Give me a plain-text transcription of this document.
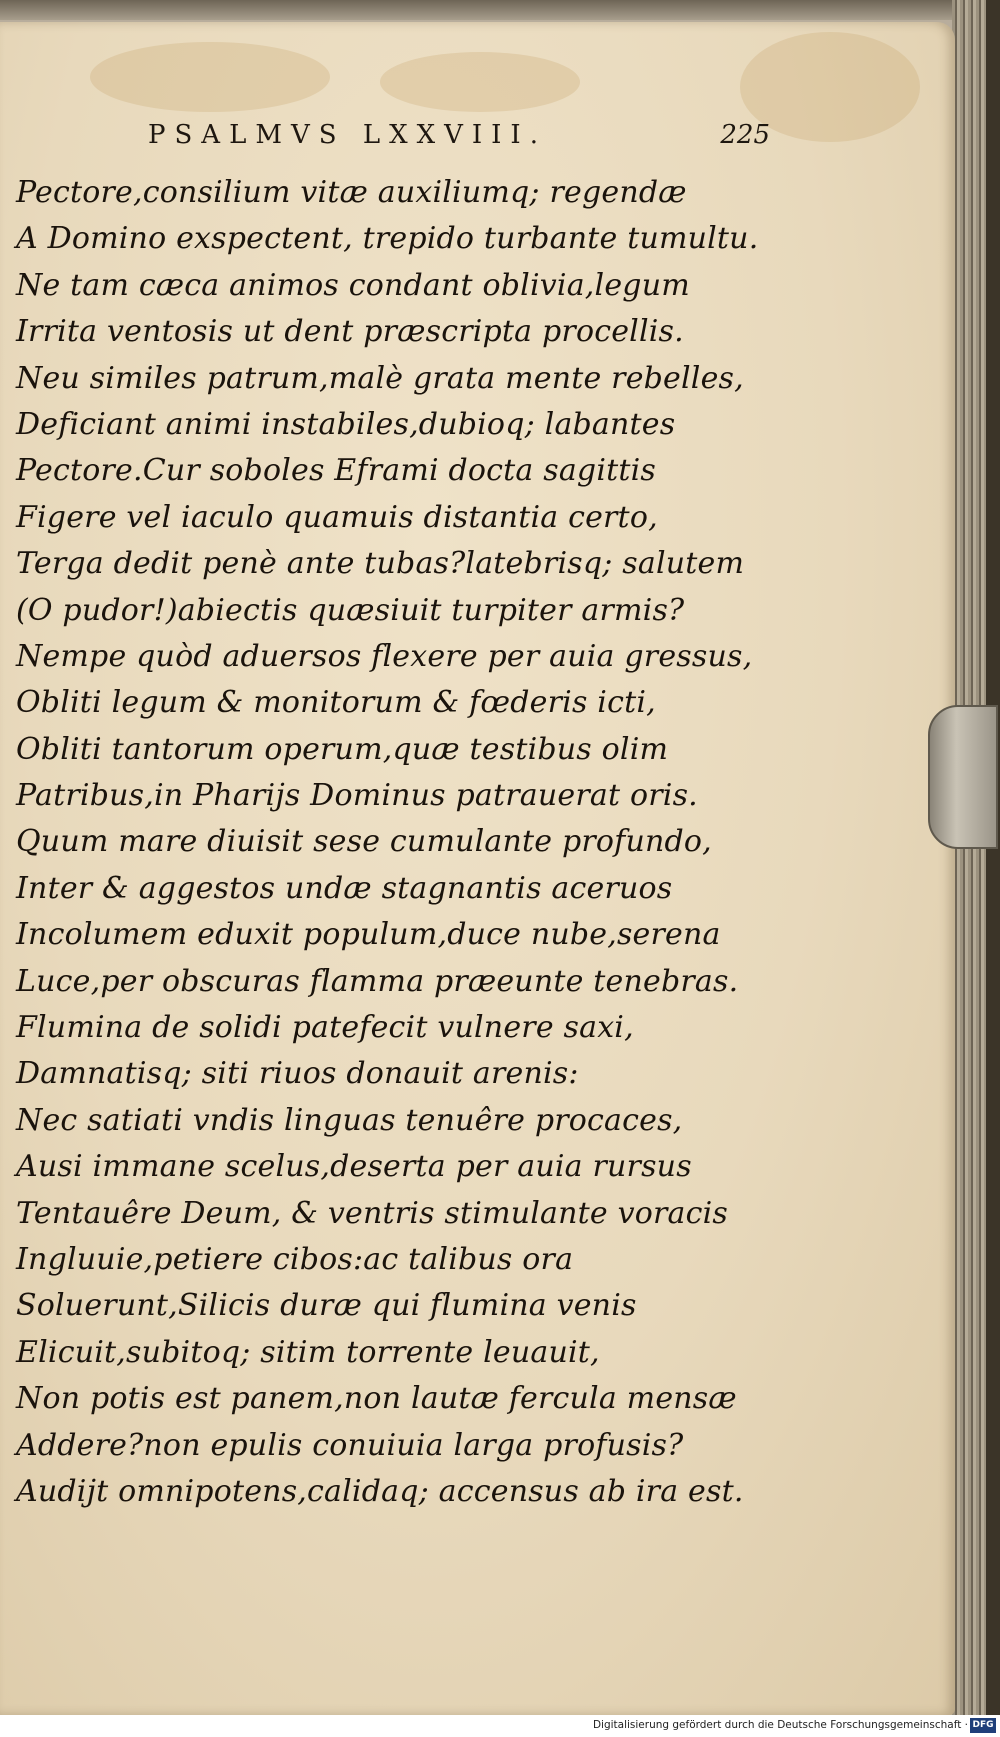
PSALMVS LXXVIII.	225
Pectore,consilium vitæ auxiliumq; regendæ
A Domino exspectent, trepido turbante tumultu.
Ne tam cæca animos condant oblivia,legum
Irrita ventosis ut dent præscripta procellis.
Neu similes patrum,malè grata mente rebelles,
Deficiant animi instabiles,dubioq; labantes
Pectore.Cur soboles Eframi docta sagittis
Figere vel iaculo quamuis distantia certo,
Terga dedit penè ante tubas?latebrisq; salutem
(O pudor!)abiectis quæsiuit turpiter armis?
Nempe quòd aduersos flexere per auia gressus,
Obliti legum & monitorum & fœderis icti,
Obliti tantorum operum,quæ testibus olim
Patribus,in Pharijs Dominus patrauerat oris.
Quum mare diuisit sese cumulante profundo,
Inter & aggestos undæ stagnantis aceruos
Incolumem eduxit populum,duce nube,serena
Luce,per obscuras flamma præeunte tenebras.
Flumina de solidi patefecit vulnere saxi,
Damnatisq; siti riuos donauit arenis:
Nec satiati vndis linguas tenuêre procaces,
Ausi immane scelus,deserta per auia rursus
Tentauêre Deum, & ventris stimulante voracis
Ingluuie,petiere cibos:ac talibus ora
Soluerunt,Silicis duræ qui flumina venis
Elicuit,subitoq; sitim torrente leuauit,
Non potis est panem,non lautæ fercula mensæ
Addere?non epulis conuiuia larga profusis?
Audijt omnipotens,calidaq; accensus ab ira est.
Digitalisierung gefördert durch die Deutsche Forschungsgemeinschaft · DFG
